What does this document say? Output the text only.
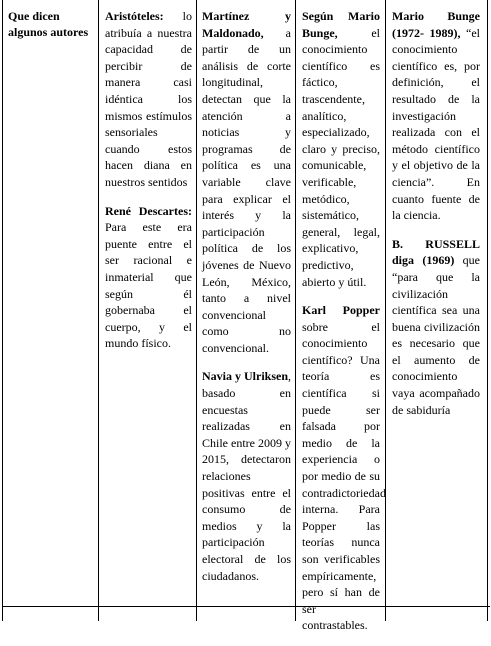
Que dicen algunos autores

Aristóteles: lo atribuía a nuestra capacidad de percibir de manera casi idéntica los mismos estímulos sensoriales cuando estos hacen diana en nuestros sentidos

René Descartes: Para este era puente entre el ser racional e inmaterial que según él gobernaba el cuerpo, y el mundo físico.

Martínez y Maldonado, a partir de un análisis de corte longitudinal, detectan que la atención a noticias y programas de política es una variable clave para explicar el interés y la participación política de los jóvenes de Nuevo León, México, tanto a nivel convencional como no convencional.

Navia y Ulriksen, basado en encuestas realizadas en Chile entre 2009 y 2015, detectaron relaciones positivas entre el consumo de medios y la participación electoral de los ciudadanos.

Según Mario Bunge, el conocimiento científico es fáctico, trascendente, analítico, especializado, claro y preciso, comunicable, verificable, metódico, sistemático, general, legal, explicativo, predictivo, abierto y útil.

Karl Popper sobre el conocimiento científico? Una teoría es científica si puede ser falsada por medio de la experiencia o por medio de su contradictoriedad interna. Para Popper las teorías nunca son verificables empíricamente, pero sí han de ser contrastables.

Mario Bunge (1972- 1989), “el conocimiento científico es, por definición, el resultado de la investigación realizada con el método científico y el objetivo de la ciencia”. En cuanto fuente de la ciencia.

B. RUSSELL diga (1969) que “para que la civilización científica sea una buena civilización es necesario que el aumento de conocimiento vaya acompañado de sabiduría
